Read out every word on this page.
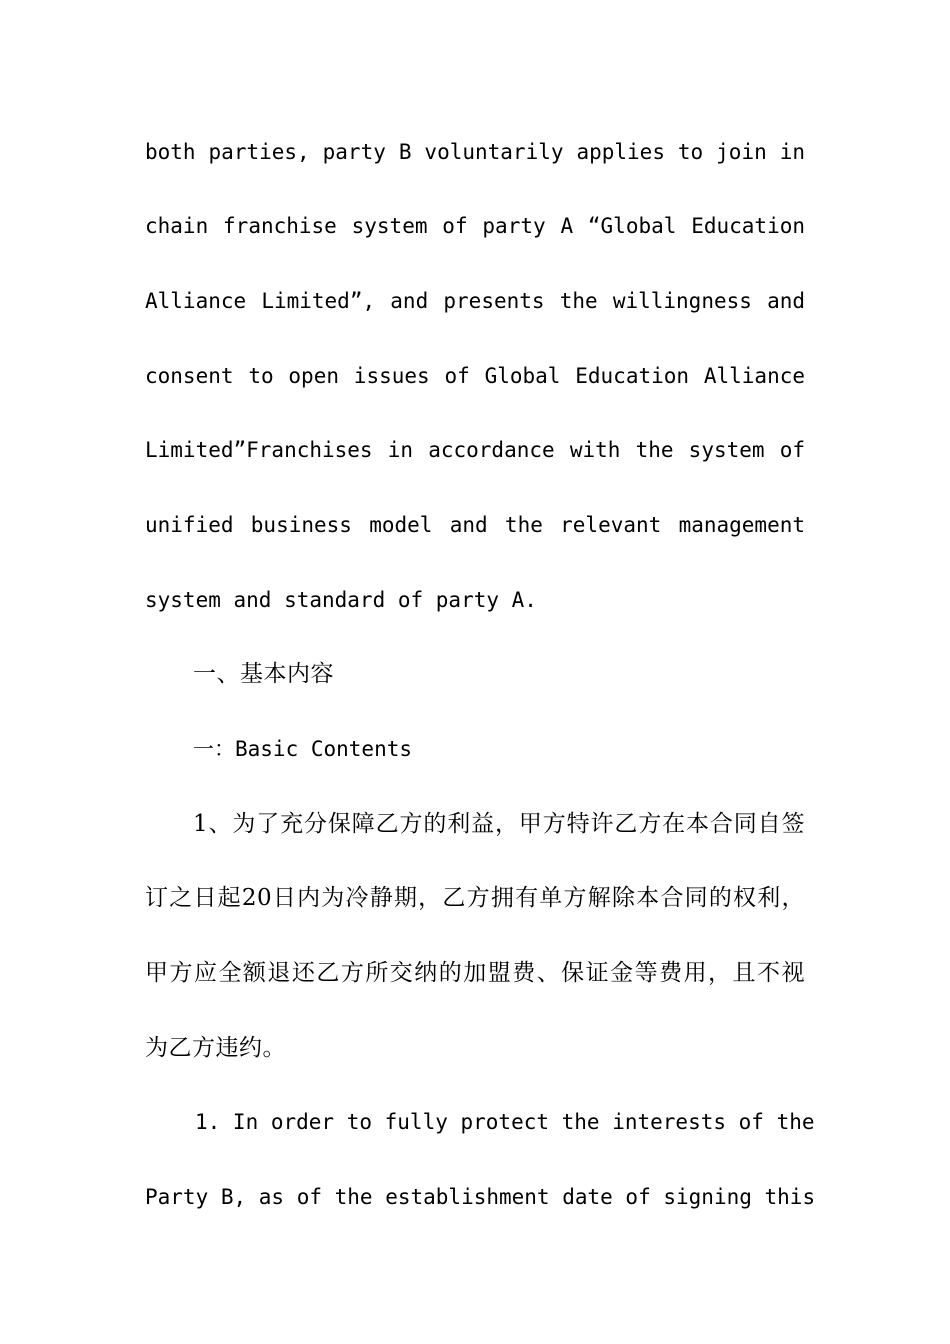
both parties, party B voluntarily applies to join in
chain franchise system of party A “Global Education
Alliance Limited”, and presents the willingness and
consent to open issues of Global Education Alliance
Limited”Franchises in accordance with the system of
unified business model and the relevant management
system and standard of party A.
一、基本内容
一：Basic Contents
1、为了充分保障乙方的利益，甲方特许乙方在本合同自签
订之日起20日内为冷静期，乙方拥有单方解除本合同的权利，
甲方应全额退还乙方所交纳的加盟费、保证金等费用，且不视
为乙方违约。
1. In order to fully protect the interests of the
Party B, as of the establishment date of signing this
